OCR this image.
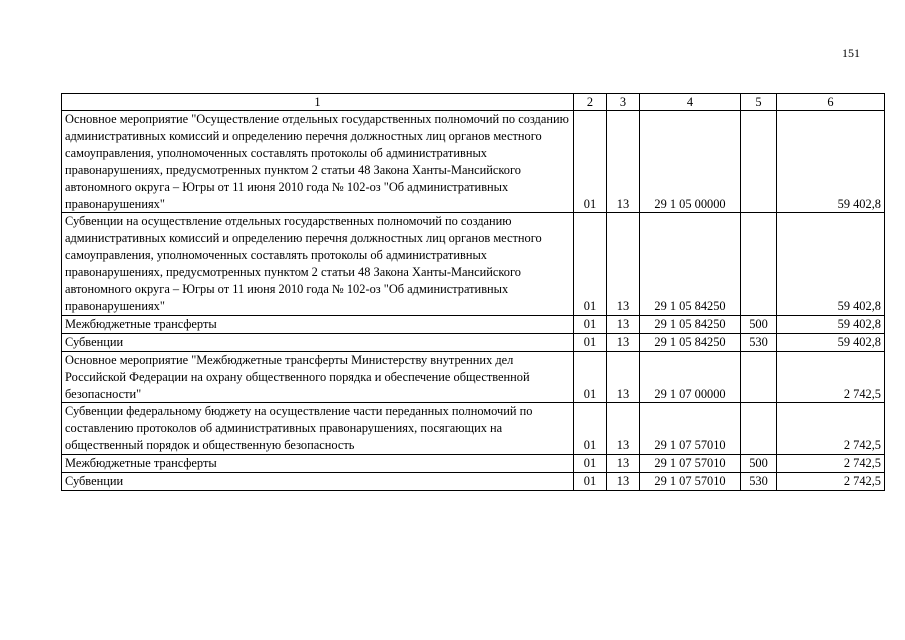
151
1	2	3	4	5	6
Основное мероприятие "Осуществление отдельных государственных полномочий по созданию административных комиссий и определению перечня должностных лиц органов местного самоуправления, уполномоченных составлять протоколы об административных правонарушениях, предусмотренных пунктом 2 статьи 48 Закона Ханты-Мансийского автономного округа – Югры от 11 июня 2010 года № 102-оз "Об административных правонарушениях"	01	13	29 1 05 00000		59 402,8
Субвенции на осуществление отдельных государственных полномочий по созданию административных комиссий и определению перечня должностных лиц органов местного самоуправления, уполномоченных составлять протоколы об административных правонарушениях, предусмотренных пунктом 2 статьи 48 Закона Ханты-Мансийского автономного округа – Югры от 11 июня 2010 года № 102-оз "Об административных правонарушениях"	01	13	29 1 05 84250		59 402,8
Межбюджетные трансферты	01	13	29 1 05 84250	500	59 402,8
Субвенции	01	13	29 1 05 84250	530	59 402,8
Основное мероприятие "Межбюджетные трансферты Министерству внутренних дел Российской Федерации на охрану общественного порядка и обеспечение общественной безопасности"	01	13	29 1 07 00000		2 742,5
Субвенции федеральному бюджету на осуществление части переданных полномочий по составлению протоколов об административных правонарушениях, посягающих на общественный порядок и общественную безопасность	01	13	29 1 07 57010		2 742,5
Межбюджетные трансферты	01	13	29 1 07 57010	500	2 742,5
Субвенции	01	13	29 1 07 57010	530	2 742,5
